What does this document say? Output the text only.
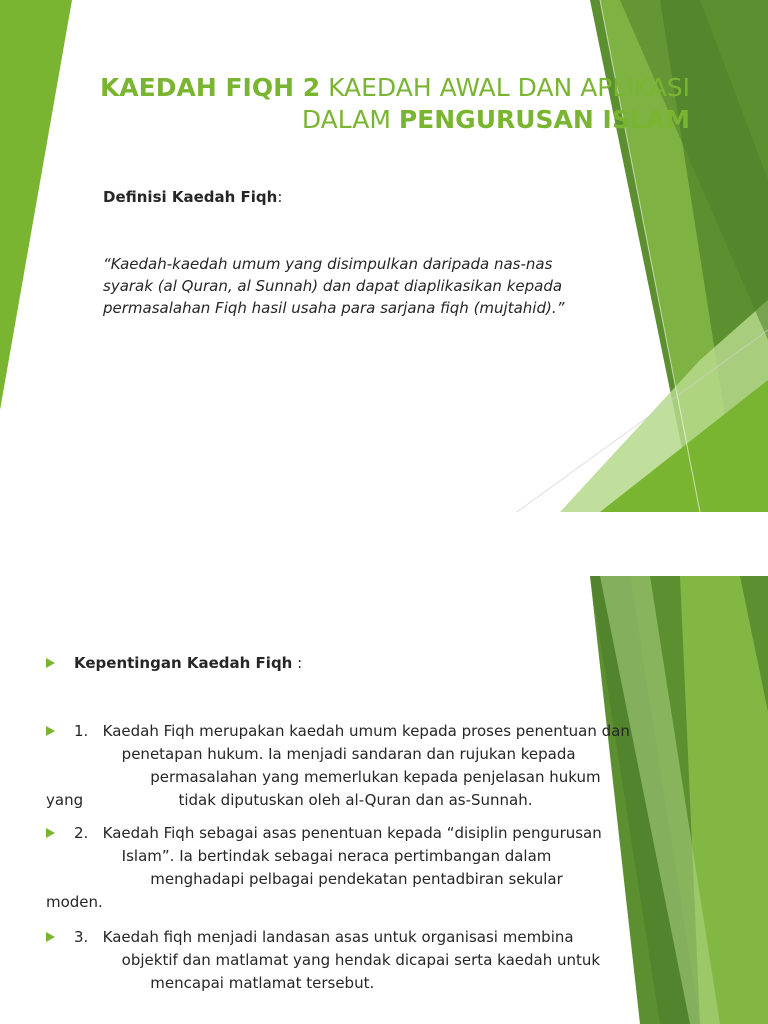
KAEDAH FIQH 2 KAEDAH AWAL DAN APLIKASI
DALAM PENGURUSAN ISLAM
Definisi Kaedah Fiqh:
“Kaedah-kaedah umum yang disimpulkan daripada nas-nas
syarak (al Quran, al Sunnah) dan dapat diaplikasikan kepada
permasalahan Fiqh hasil usaha para sarjana fiqh (mujtahid).”
Kepentingan Kaedah Fiqh :
1.   Kaedah Fiqh merupakan kaedah umum kepada proses penentuan dan
penetapan hukum. Ia menjadi sandaran dan rujukan kepada
permasalahan yang memerlukan kepada penjelasan hukum
yang                    tidak diputuskan oleh al-Quran dan as-Sunnah.
2.   Kaedah Fiqh sebagai asas penentuan kepada “disiplin pengurusan
Islam”. Ia bertindak sebagai neraca pertimbangan dalam
menghadapi pelbagai pendekatan pentadbiran sekular
moden.
3.   Kaedah fiqh menjadi landasan asas untuk organisasi membina
objektif dan matlamat yang hendak dicapai serta kaedah untuk
mencapai matlamat tersebut.
